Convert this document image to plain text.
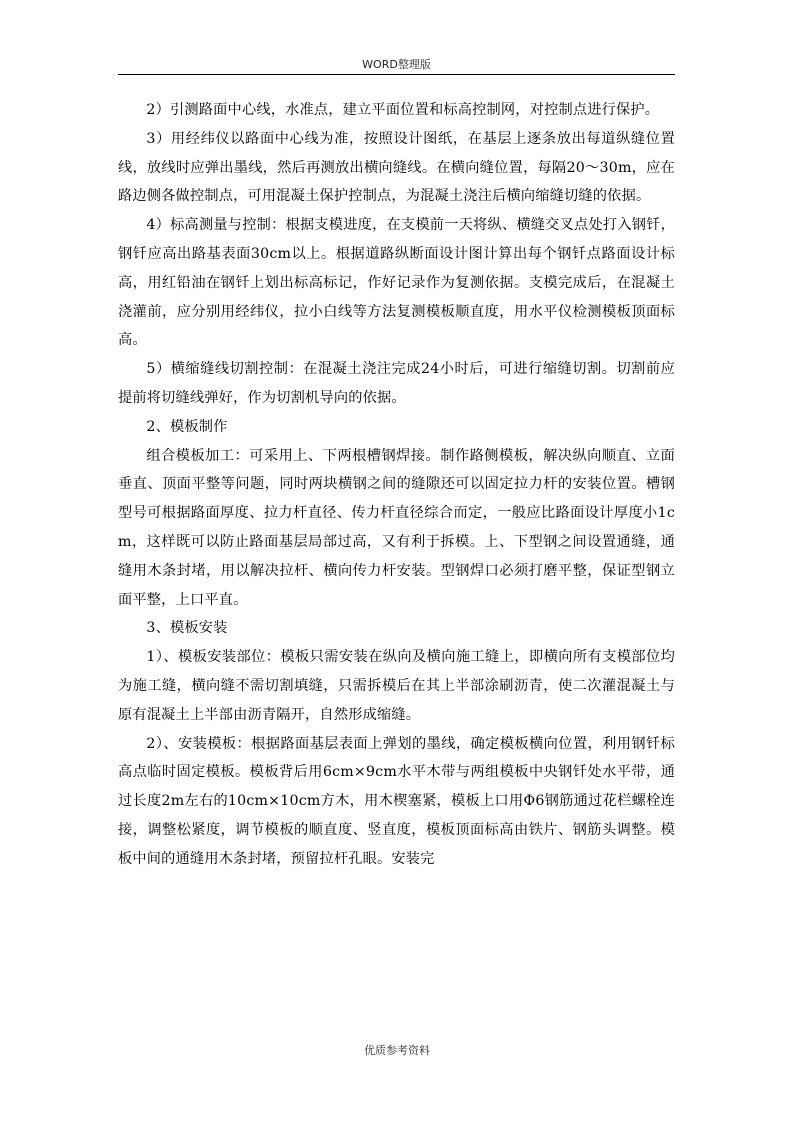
WORD整理版

2）引测路面中心线，水准点，建立平面位置和标高控制网，对控制点进行保护。

3）用经纬仪以路面中心线为准，按照设计图纸，在基层上逐条放出每道纵缝位置线，放线时应弹出墨线，然后再测放出横向缝线。在横向缝位置，每隔20～30m，应在路边侧各做控制点，可用混凝土保护控制点，为混凝土浇注后横向缩缝切缝的依据。

4）标高测量与控制：根据支模进度，在支模前一天将纵、横缝交叉点处打入钢钎，钢钎应高出路基表面30cm以上。根据道路纵断面设计图计算出每个钢钎点路面设计标高，用红铅油在钢钎上划出标高标记，作好记录作为复测依据。支模完成后，在混凝土浇灌前，应分别用经纬仪，拉小白线等方法复测模板顺直度，用水平仪检测模板顶面标高。

5）横缩缝线切割控制：在混凝土浇注完成24小时后，可进行缩缝切割。切割前应提前将切缝线弹好，作为切割机导向的依据。

2、模板制作

组合模板加工：可采用上、下两根槽钢焊接。制作路侧模板，解决纵向顺直、立面垂直、顶面平整等问题，同时两块横钢之间的缝隙还可以固定拉力杆的安装位置。槽钢型号可根据路面厚度、拉力杆直径、传力杆直径综合而定，一般应比路面设计厚度小1cm，这样既可以防止路面基层局部过高，又有利于拆模。上、下型钢之间设置通缝，通缝用木条封堵，用以解决拉杆、横向传力杆安装。型钢焊口必须打磨平整，保证型钢立面平整，上口平直。

3、模板安装

1）、模板安装部位：模板只需安装在纵向及横向施工缝上，即横向所有支模部位均为施工缝，横向缝不需切割填缝，只需拆模后在其上半部涂刷沥青，使二次灌混凝土与原有混凝土上半部由沥青隔开，自然形成缩缝。

2）、安装模板：根据路面基层表面上弹划的墨线，确定模板横向位置，利用钢钎标高点临时固定模板。模板背后用6cm×9cm水平木带与两组模板中央钢钎处水平带，通过长度2m左右的10cm×10cm方木，用木楔塞紧，模板上口用Φ6钢筋通过花栏螺栓连接，调整松紧度，调节模板的顺直度、竖直度，模板顶面标高由铁片、钢筋头调整。模板中间的通缝用木条封堵，预留拉杆孔眼。安装完

优质参考资料
